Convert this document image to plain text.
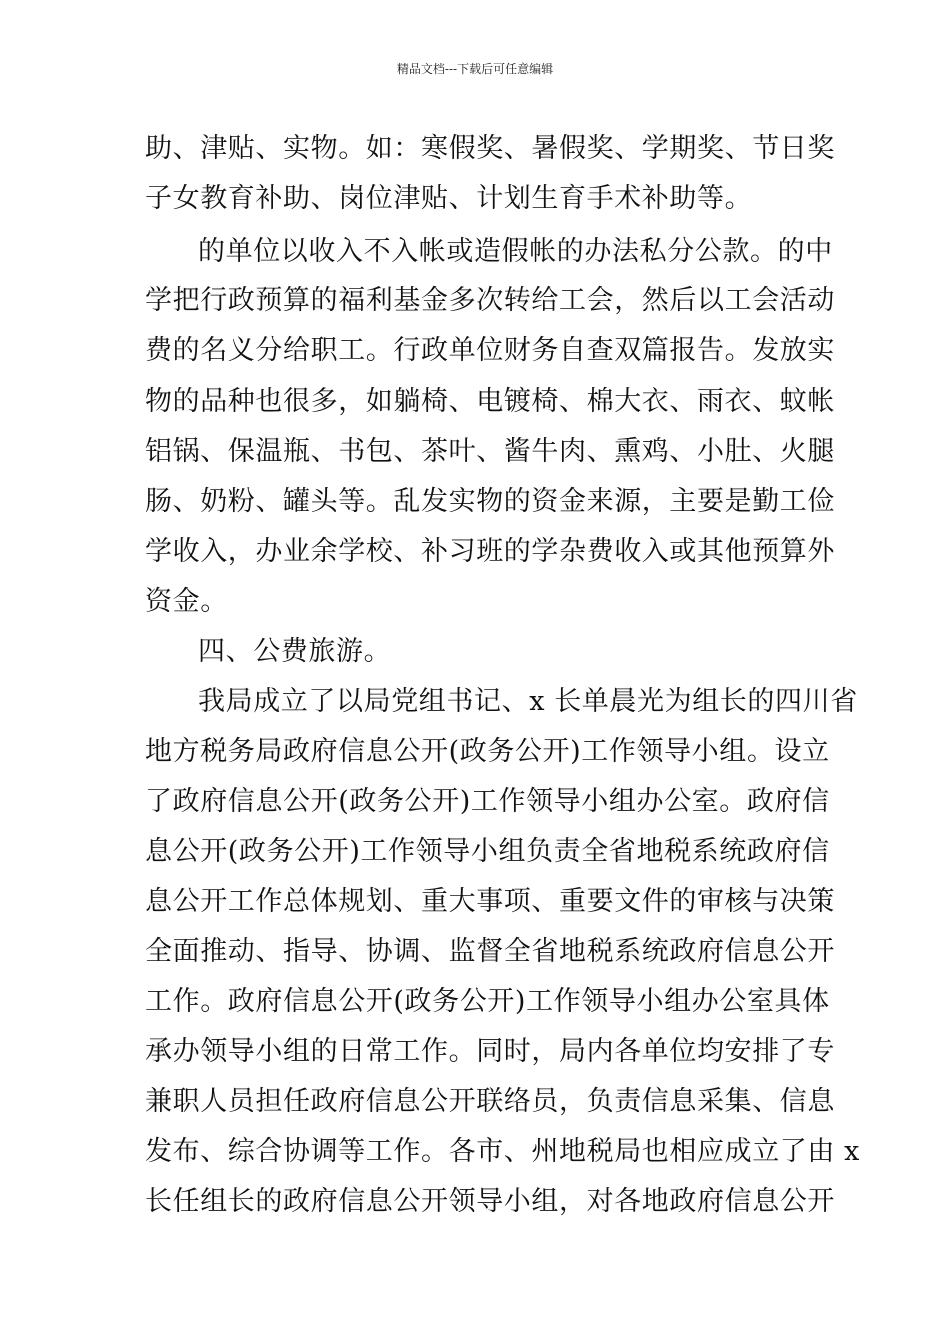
精品文档---下载后可任意编辑
助、津贴、实物。如：寒假奖、暑假奖、学期奖、节日奖
子女教育补助、岗位津贴、计划生育手术补助等。
的单位以收入不入帐或造假帐的办法私分公款。的中
学把行政预算的福利基金多次转给工会，然后以工会活动
费的名义分给职工。行政单位财务自查双篇报告。发放实
物的品种也很多，如躺椅、电镀椅、棉大衣、雨衣、蚊帐
铝锅、保温瓶、书包、茶叶、酱牛肉、熏鸡、小肚、火腿
肠、奶粉、罐头等。乱发实物的资金来源，主要是勤工俭
学收入，办业余学校、补习班的学杂费收入或其他预算外
资金。
四、公费旅游。
我局成立了以局党组书记、x 长单晨光为组长的四川省
地方税务局政府信息公开(政务公开)工作领导小组。设立
了政府信息公开(政务公开)工作领导小组办公室。政府信
息公开(政务公开)工作领导小组负责全省地税系统政府信
息公开工作总体规划、重大事项、重要文件的审核与决策
全面推动、指导、协调、监督全省地税系统政府信息公开
工作。政府信息公开(政务公开)工作领导小组办公室具体
承办领导小组的日常工作。同时，局内各单位均安排了专
兼职人员担任政府信息公开联络员，负责信息采集、信息
发布、综合协调等工作。各市、州地税局也相应成立了由 x
长任组长的政府信息公开领导小组，对各地政府信息公开
